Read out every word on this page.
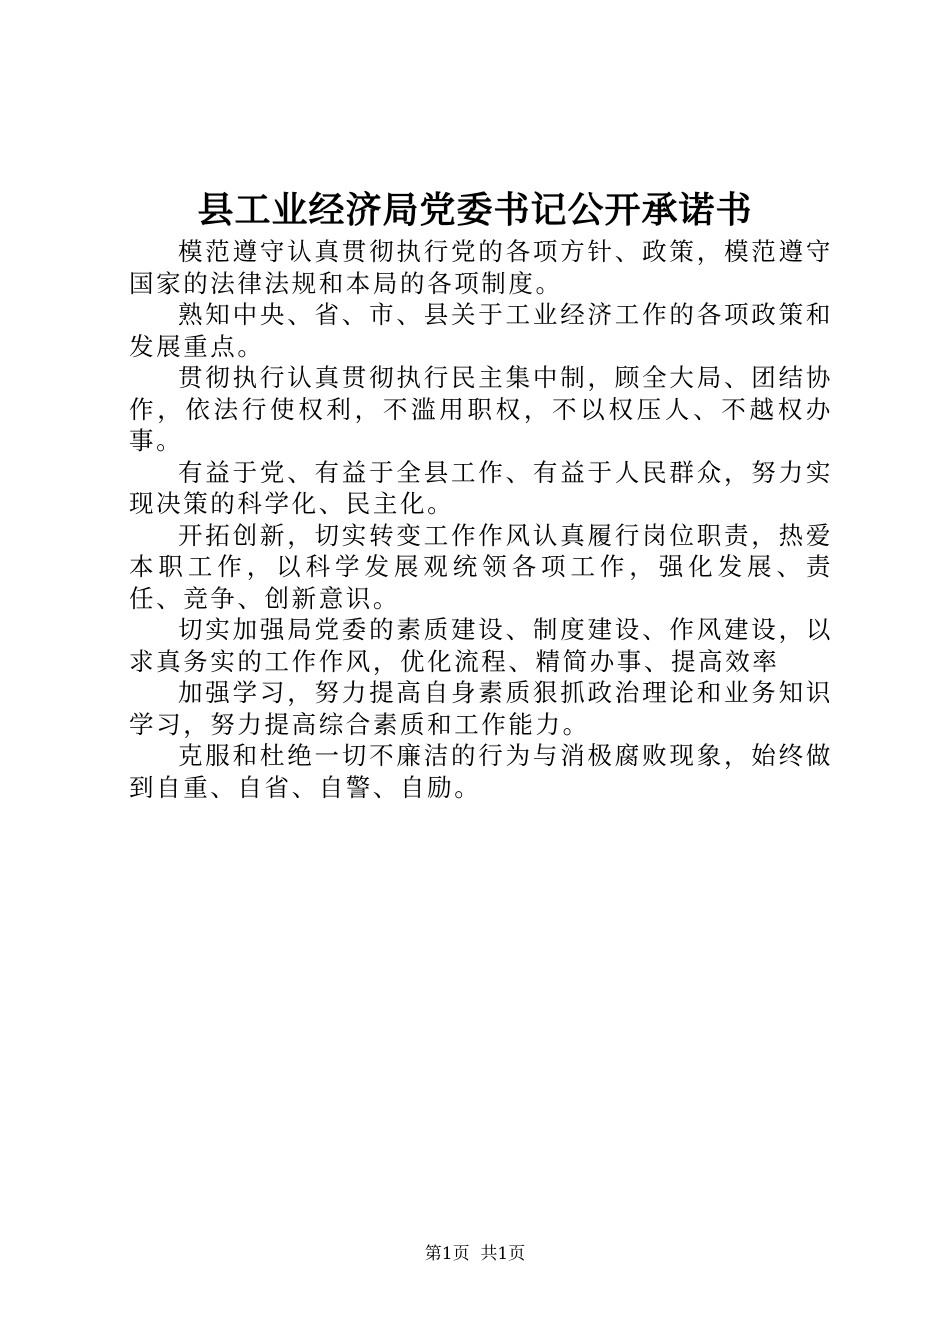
县工业经济局党委书记公开承诺书

模范遵守认真贯彻执行党的各项方针、政策，模范遵守国家的法律法规和本局的各项制度。

熟知中央、省、市、县关于工业经济工作的各项政策和发展重点。

贯彻执行认真贯彻执行民主集中制，顾全大局、团结协作，依法行使权利，不滥用职权，不以权压人、不越权办事。

有益于党、有益于全县工作、有益于人民群众，努力实现决策的科学化、民主化。

开拓创新，切实转变工作作风认真履行岗位职责，热爱本职工作，以科学发展观统领各项工作，强化发展、责任、竞争、创新意识。

切实加强局党委的素质建设、制度建设、作风建设，以求真务实的工作作风，优化流程、精简办事、提高效率

加强学习，努力提高自身素质狠抓政治理论和业务知识学习，努力提高综合素质和工作能力。

克服和杜绝一切不廉洁的行为与消极腐败现象，始终做到自重、自省、自警、自励。

第1页  共1页
